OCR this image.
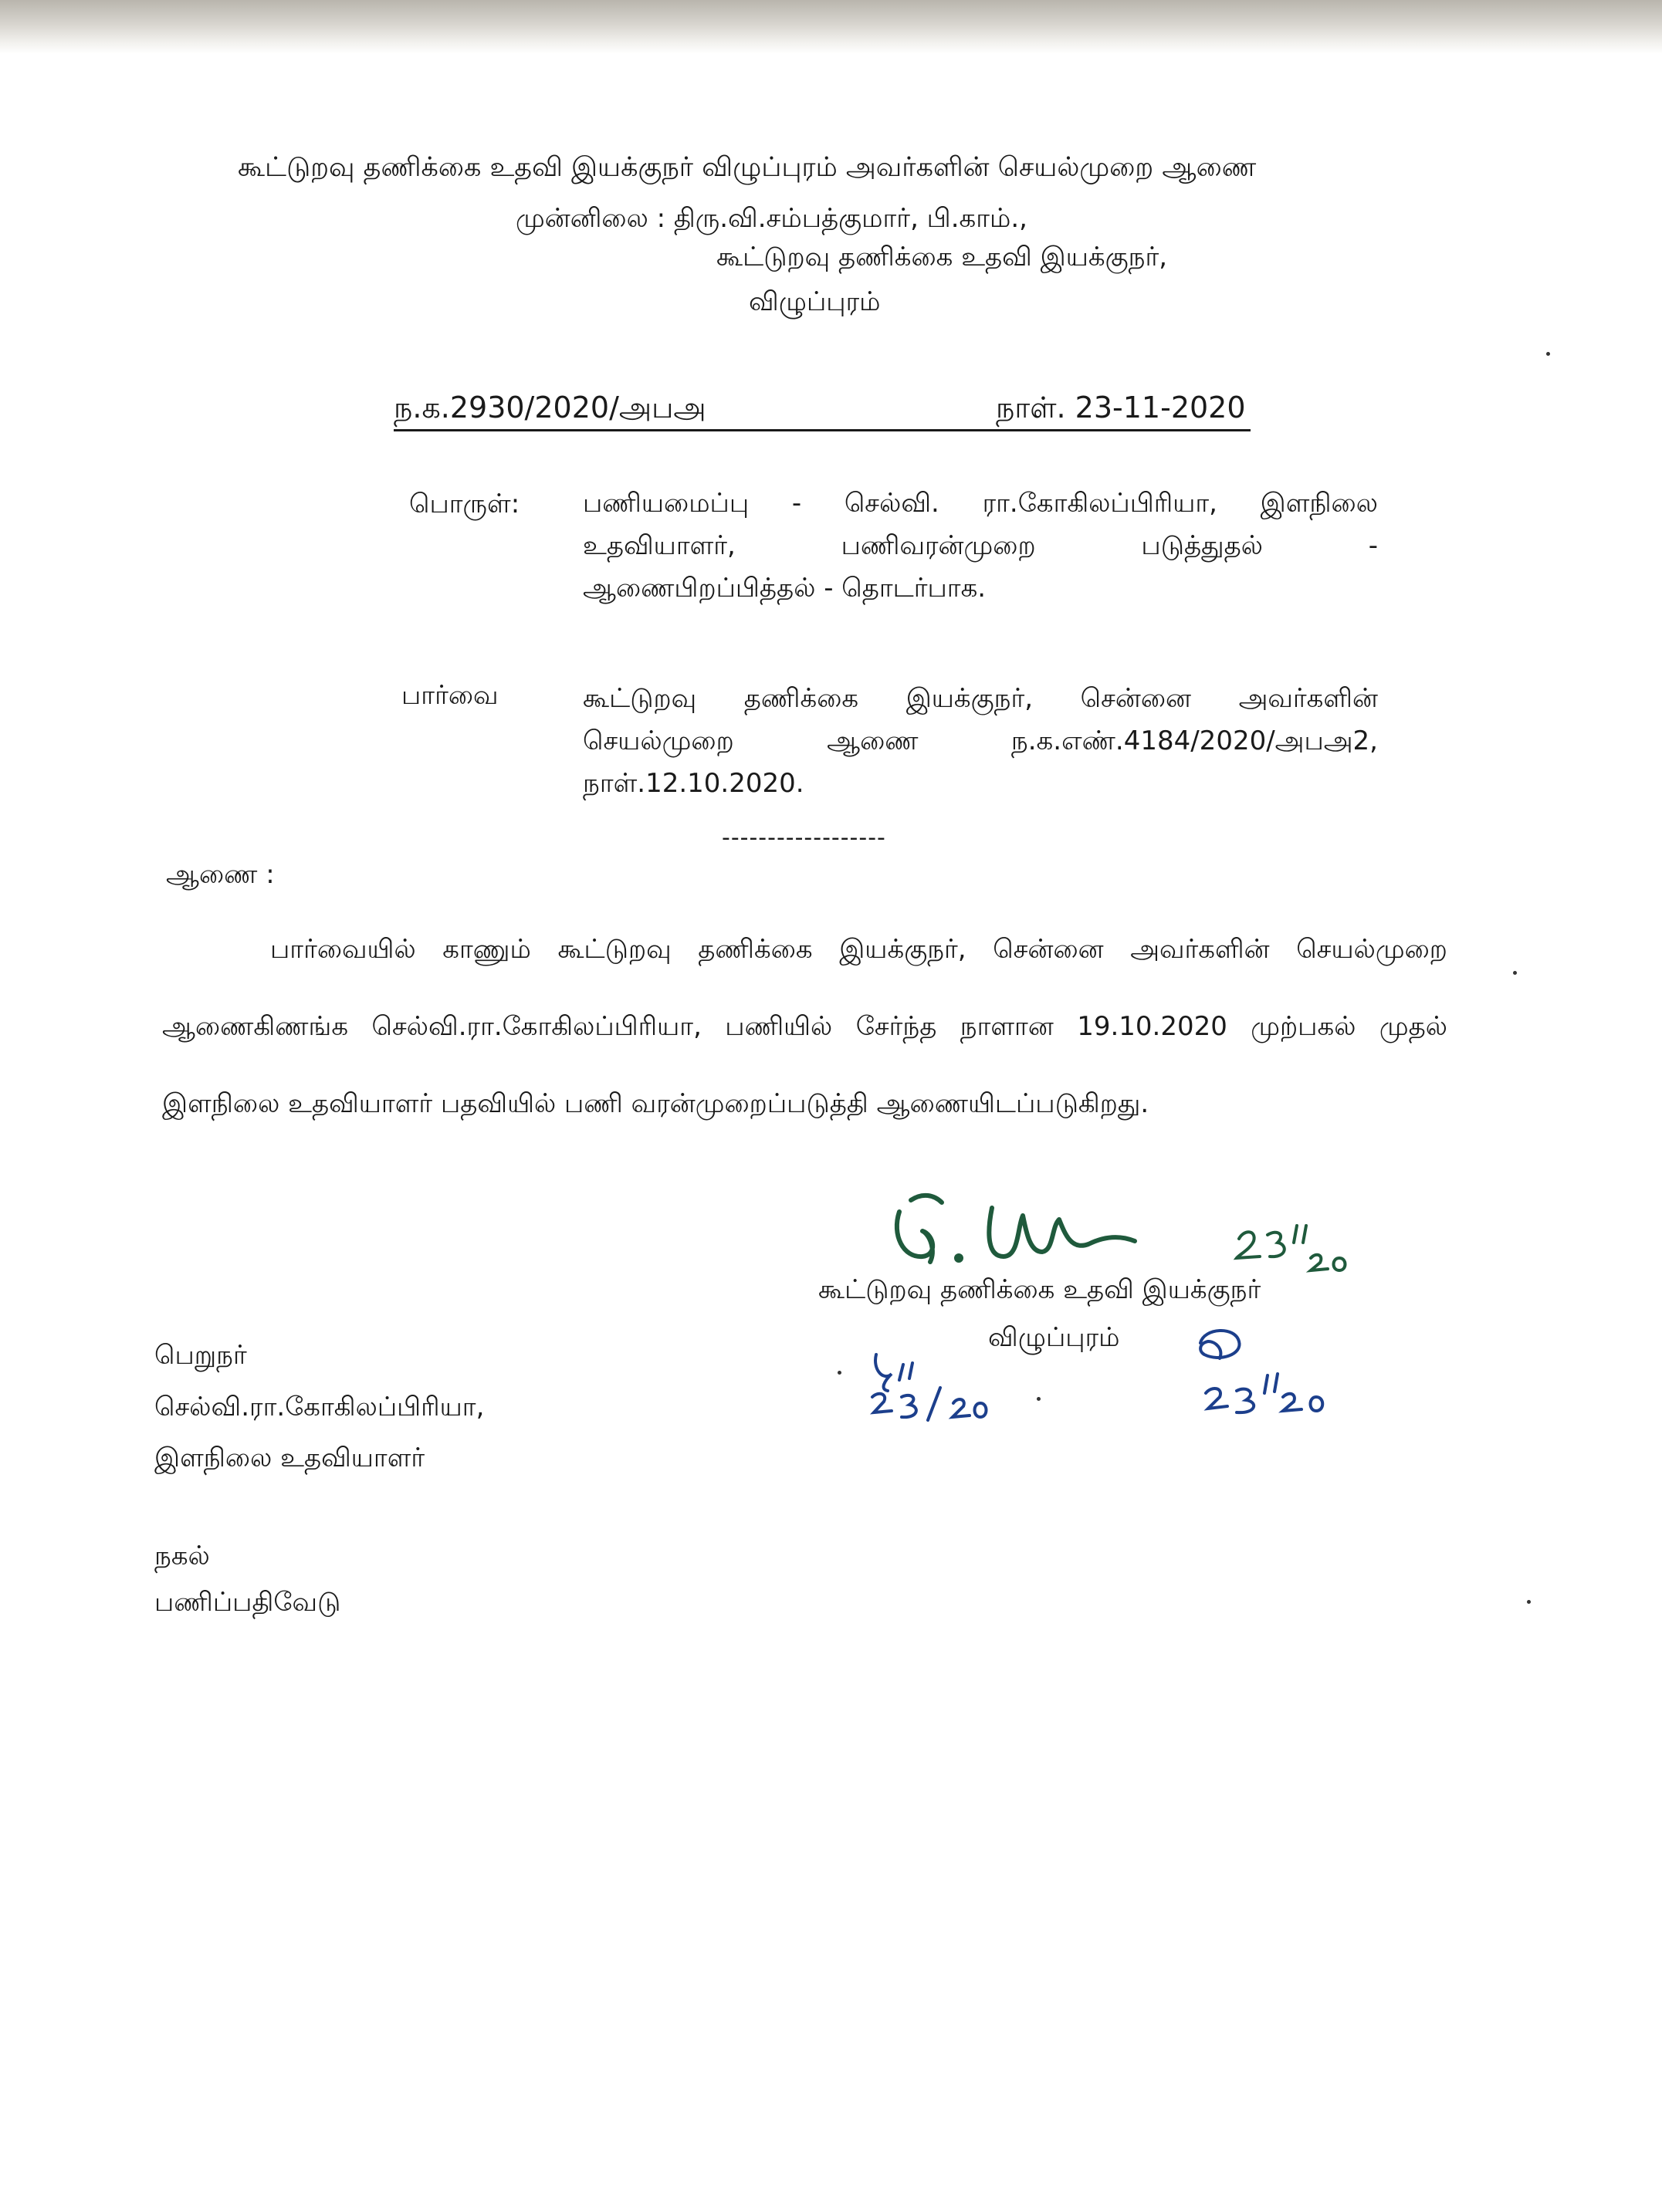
கூட்டுறவு தணிக்கை உதவி இயக்குநர் விழுப்புரம் அவர்களின் செயல்முறை ஆணை
முன்னிலை : திரு.வி.சம்பத்குமார், பி.காம்.,
கூட்டுறவு தணிக்கை உதவி இயக்குநர்,
விழுப்புரம்
ந.க.2930/2020/அபஅ	நாள். 23-11-2020
பொருள்: பணியமைப்பு - செல்வி. ரா.கோகிலப்பிரியா, இளநிலை
உதவியாளர்,	பணிவரன்முறை	படுத்துதல்	-
ஆணைபிறப்பித்தல் - தொடர்பாக.
பார்வை	கூட்டுறவு தணிக்கை இயக்குநர், சென்னை அவர்களின்
செயல்முறை	ஆணை	ந.க.எண்.4184/2020/அபஅ2,
நாள்.12.10.2020.
------------------
ஆணை :
பார்வையில் காணும் கூட்டுறவு தணிக்கை இயக்குநர், சென்னை அவர்களின் செயல்முறை
ஆணைகிணங்க செல்வி.ரா.கோகிலப்பிரியா, பணியில் சேர்ந்த நாளான 19.10.2020 முற்பகல் முதல்
இளநிலை உதவியாளர் பதவியில் பணி வரன்முறைப்படுத்தி ஆணையிடப்படுகிறது.
கூட்டுறவு தணிக்கை உதவி இயக்குநர்
விழுப்புரம்
பெறுநர்
செல்வி.ரா.கோகிலப்பிரியா,
இளநிலை உதவியாளர்
நகல்
பணிப்பதிவேடு
